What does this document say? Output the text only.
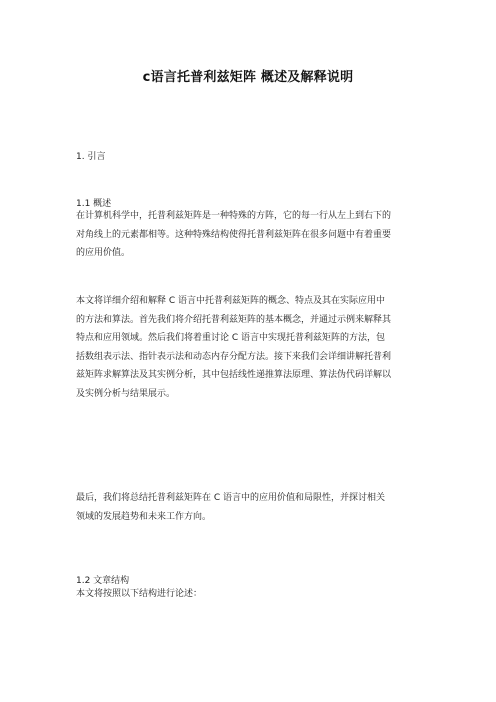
c语言托普利兹矩阵 概述及解释说明
1. 引言
1.1 概述
在计算机科学中，托普利兹矩阵是一种特殊的方阵，它的每一行从左上到右下的
对角线上的元素都相等。这种特殊结构使得托普利兹矩阵在很多问题中有着重要
的应用价值。
本文将详细介绍和解释 C 语言中托普利兹矩阵的概念、特点及其在实际应用中
的方法和算法。首先我们将介绍托普利兹矩阵的基本概念，并通过示例来解释其
特点和应用领域。然后我们将着重讨论 C 语言中实现托普利兹矩阵的方法，包
括数组表示法、指针表示法和动态内存分配方法。接下来我们会详细讲解托普利
兹矩阵求解算法及其实例分析，其中包括线性递推算法原理、算法伪代码详解以
及实例分析与结果展示。
最后，我们将总结托普利兹矩阵在 C 语言中的应用价值和局限性，并探讨相关
领域的发展趋势和未来工作方向。
1.2 文章结构
本文将按照以下结构进行论述：
